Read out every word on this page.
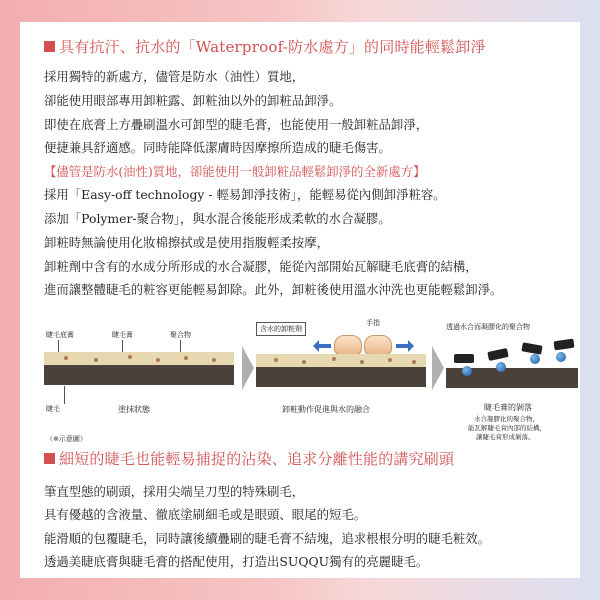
具有抗汗、抗水的「Waterproof-防水處方」的同時能輕鬆卸淨
採用獨特的新處方，儘管是防水（油性）質地，
卻能使用眼部專用卸粧露、卸粧油以外的卸粧品卸淨。
即使在底膏上方疊刷溫水可卸型的睫毛膏，也能使用一般卸粧品卸淨，
便捷兼具舒適感。同時能降低潔膚時因摩擦所造成的睫毛傷害。
【儘管是防水(油性)質地，卻能使用一般卸粧品輕鬆卸淨的全新處方】
採用「Easy-off technology - 輕易卸淨技術」，能輕易從內側卸淨粧容。
添加「Polymer-聚合物」，與水混合後能形成柔軟的水合凝膠。
卸粧時無論使用化妝棉擦拭或是使用指腹輕柔按摩，
卸粧劑中含有的水成分所形成的水合凝膠，能從內部開始瓦解睫毛底膏的結構，
進而讓整體睫毛的粧容更能輕易卸除。此外，卸粧後使用溫水沖洗也更能輕鬆卸淨。
睫毛底膏	睫毛膏	聚合物
睫毛	塗抹狀態
含水的卸粧劑
手指
卸粧動作促進與水的融合
透過水合而凝膠化的聚合物
睫毛膏的剝落
水合凝膠化的聚合物，
能瓦解睫毛膏內部的結構，
讓睫毛膏形成剝落。
（※示意圖）
細短的睫毛也能輕易捕捉的沾染、追求分離性能的講究刷頭
筆直型態的刷頭，採用尖端呈刀型的特殊刷毛，
具有優越的含液量、徹底塗刷細毛或是眼頭、眼尾的短毛。
能滑順的包覆睫毛，同時讓後續疊刷的睫毛膏不結塊，追求根根分明的睫毛粧效。
透過美睫底膏與睫毛膏的搭配使用，打造出SUQQU獨有的亮麗睫毛。
